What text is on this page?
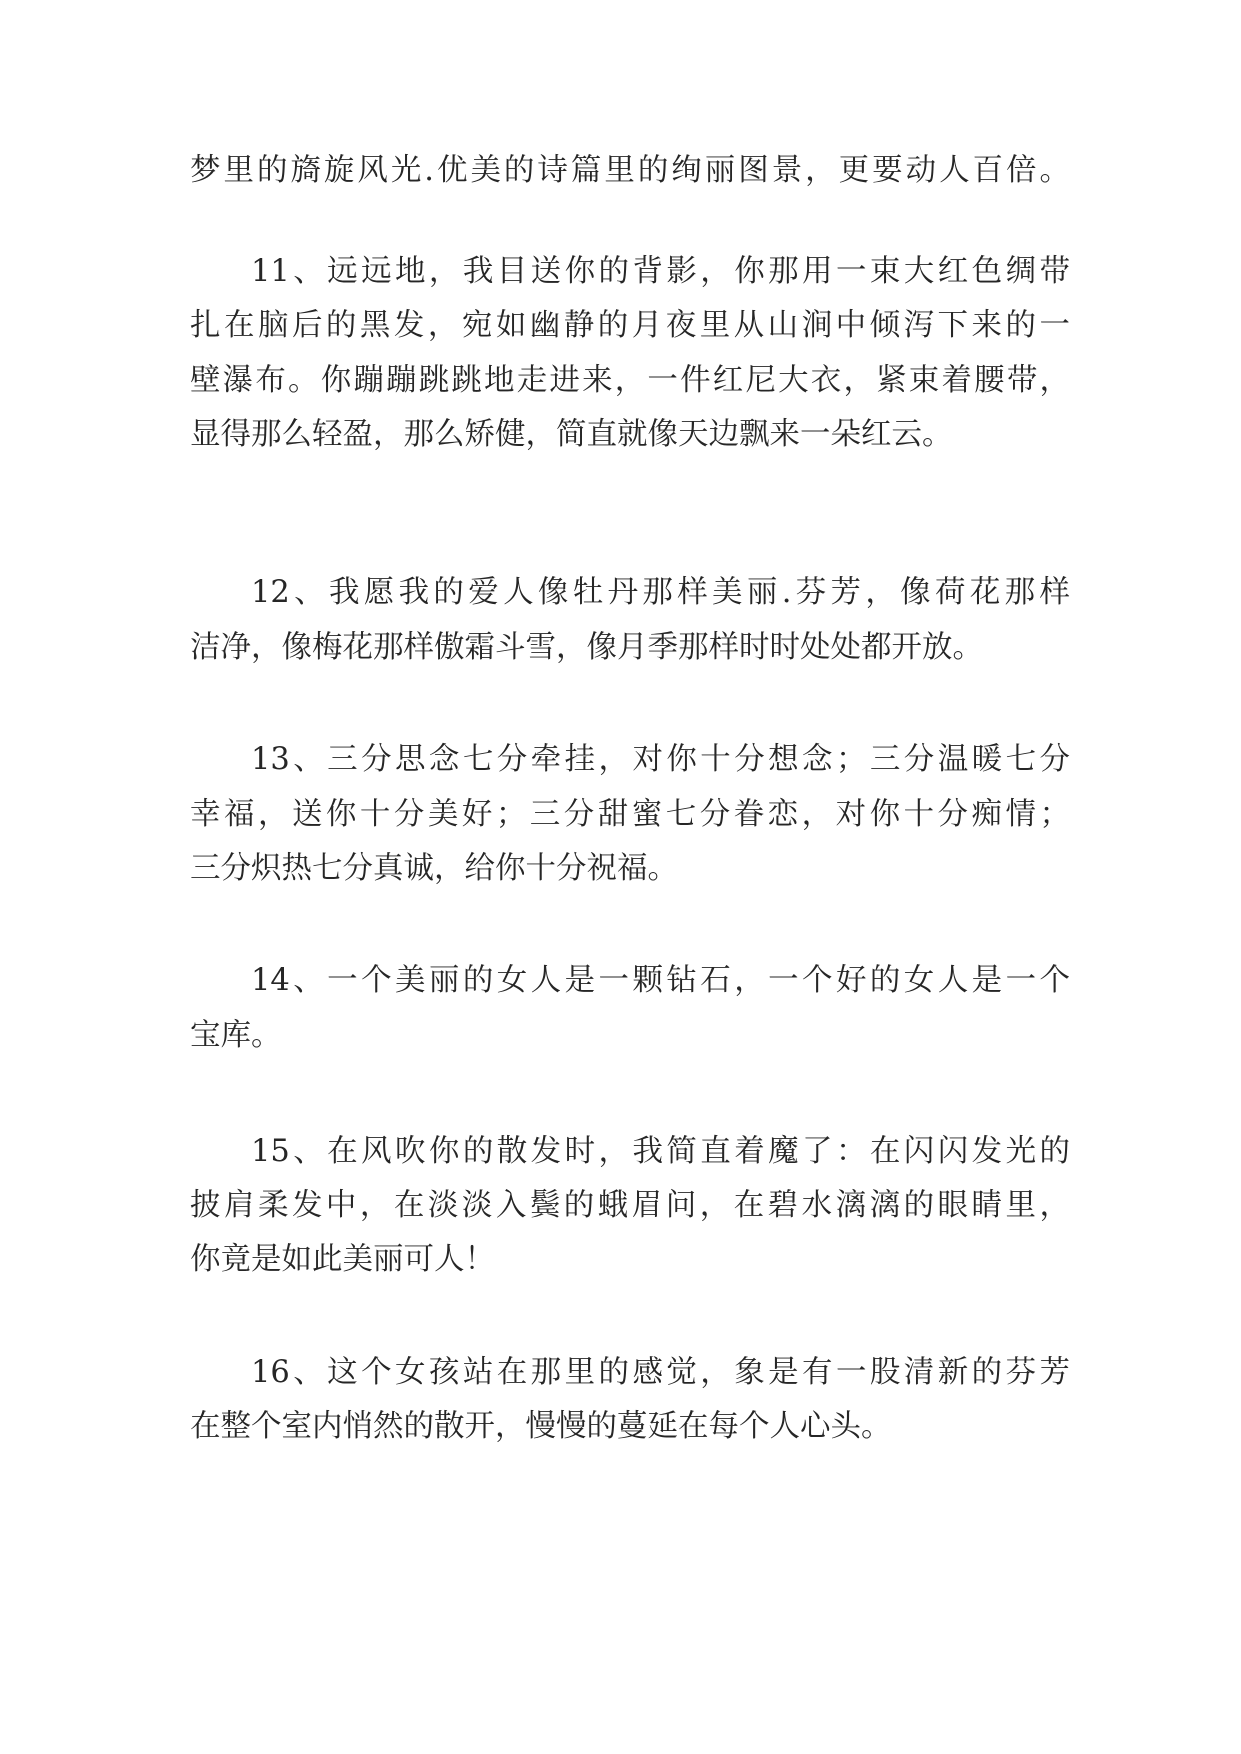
梦里的旖旋风光.优美的诗篇里的绚丽图景，更要动人百倍。

11、远远地，我目送你的背影，你那用一束大红色绸带

扎在脑后的黑发，宛如幽静的月夜里从山涧中倾泻下来的一

壁瀑布。你蹦蹦跳跳地走进来，一件红尼大衣，紧束着腰带，

显得那么轻盈，那么矫健，简直就像天边飘来一朵红云。

12、我愿我的爱人像牡丹那样美丽.芬芳，像荷花那样

洁净，像梅花那样傲霜斗雪，像月季那样时时处处都开放。

13、三分思念七分牵挂，对你十分想念；三分温暖七分

幸福，送你十分美好；三分甜蜜七分眷恋，对你十分痴情；

三分炽热七分真诚，给你十分祝福。

14、一个美丽的女人是一颗钻石，一个好的女人是一个

宝库。

15、在风吹你的散发时，我简直着魔了：在闪闪发光的

披肩柔发中，在淡淡入鬓的蛾眉问，在碧水漓漓的眼睛里，

你竟是如此美丽可人！

16、这个女孩站在那里的感觉，象是有一股清新的芬芳

在整个室内悄然的散开，慢慢的蔓延在每个人心头。
